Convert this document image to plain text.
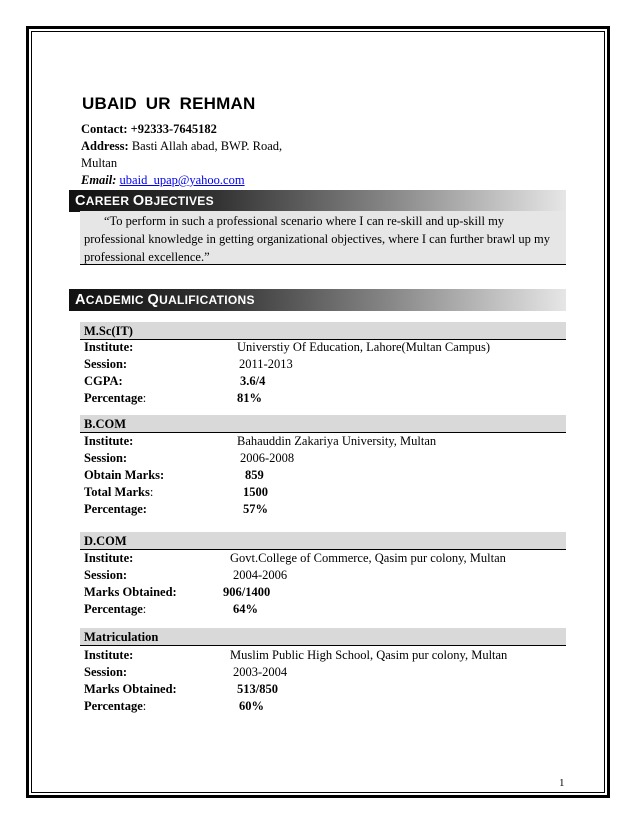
UBAID UR REHMAN
Contact: +92333-7645182
Address: Basti Allah abad, BWP. Road, Multan
Email: ubaid_upap@yahoo.com
CAREER OBJECTIVES
“To perform in such a professional scenario where I can re-skill and up-skill my professional knowledge in getting organizational objectives, where I can further brawl up my professional excellence.”
ACADEMIC QUALIFICATIONS
M.Sc(IT)
Institute:	Universtiy Of Education, Lahore(Multan Campus)
Session:	2011-2013
CGPA:	3.6/4
Percentage:	81%
B.COM
Institute:	Bahauddin Zakariya University, Multan
Session:	2006-2008
Obtain Marks:	859
Total Marks:	1500
Percentage:	57%
D.COM
Institute:	Govt.College of Commerce, Qasim pur colony, Multan
Session:	2004-2006
Marks Obtained:	906/1400
Percentage:	64%
Matriculation
Institute:	Muslim Public High School, Qasim pur colony, Multan
Session:	2003-2004
Marks Obtained:	513/850
Percentage:	60%
1
